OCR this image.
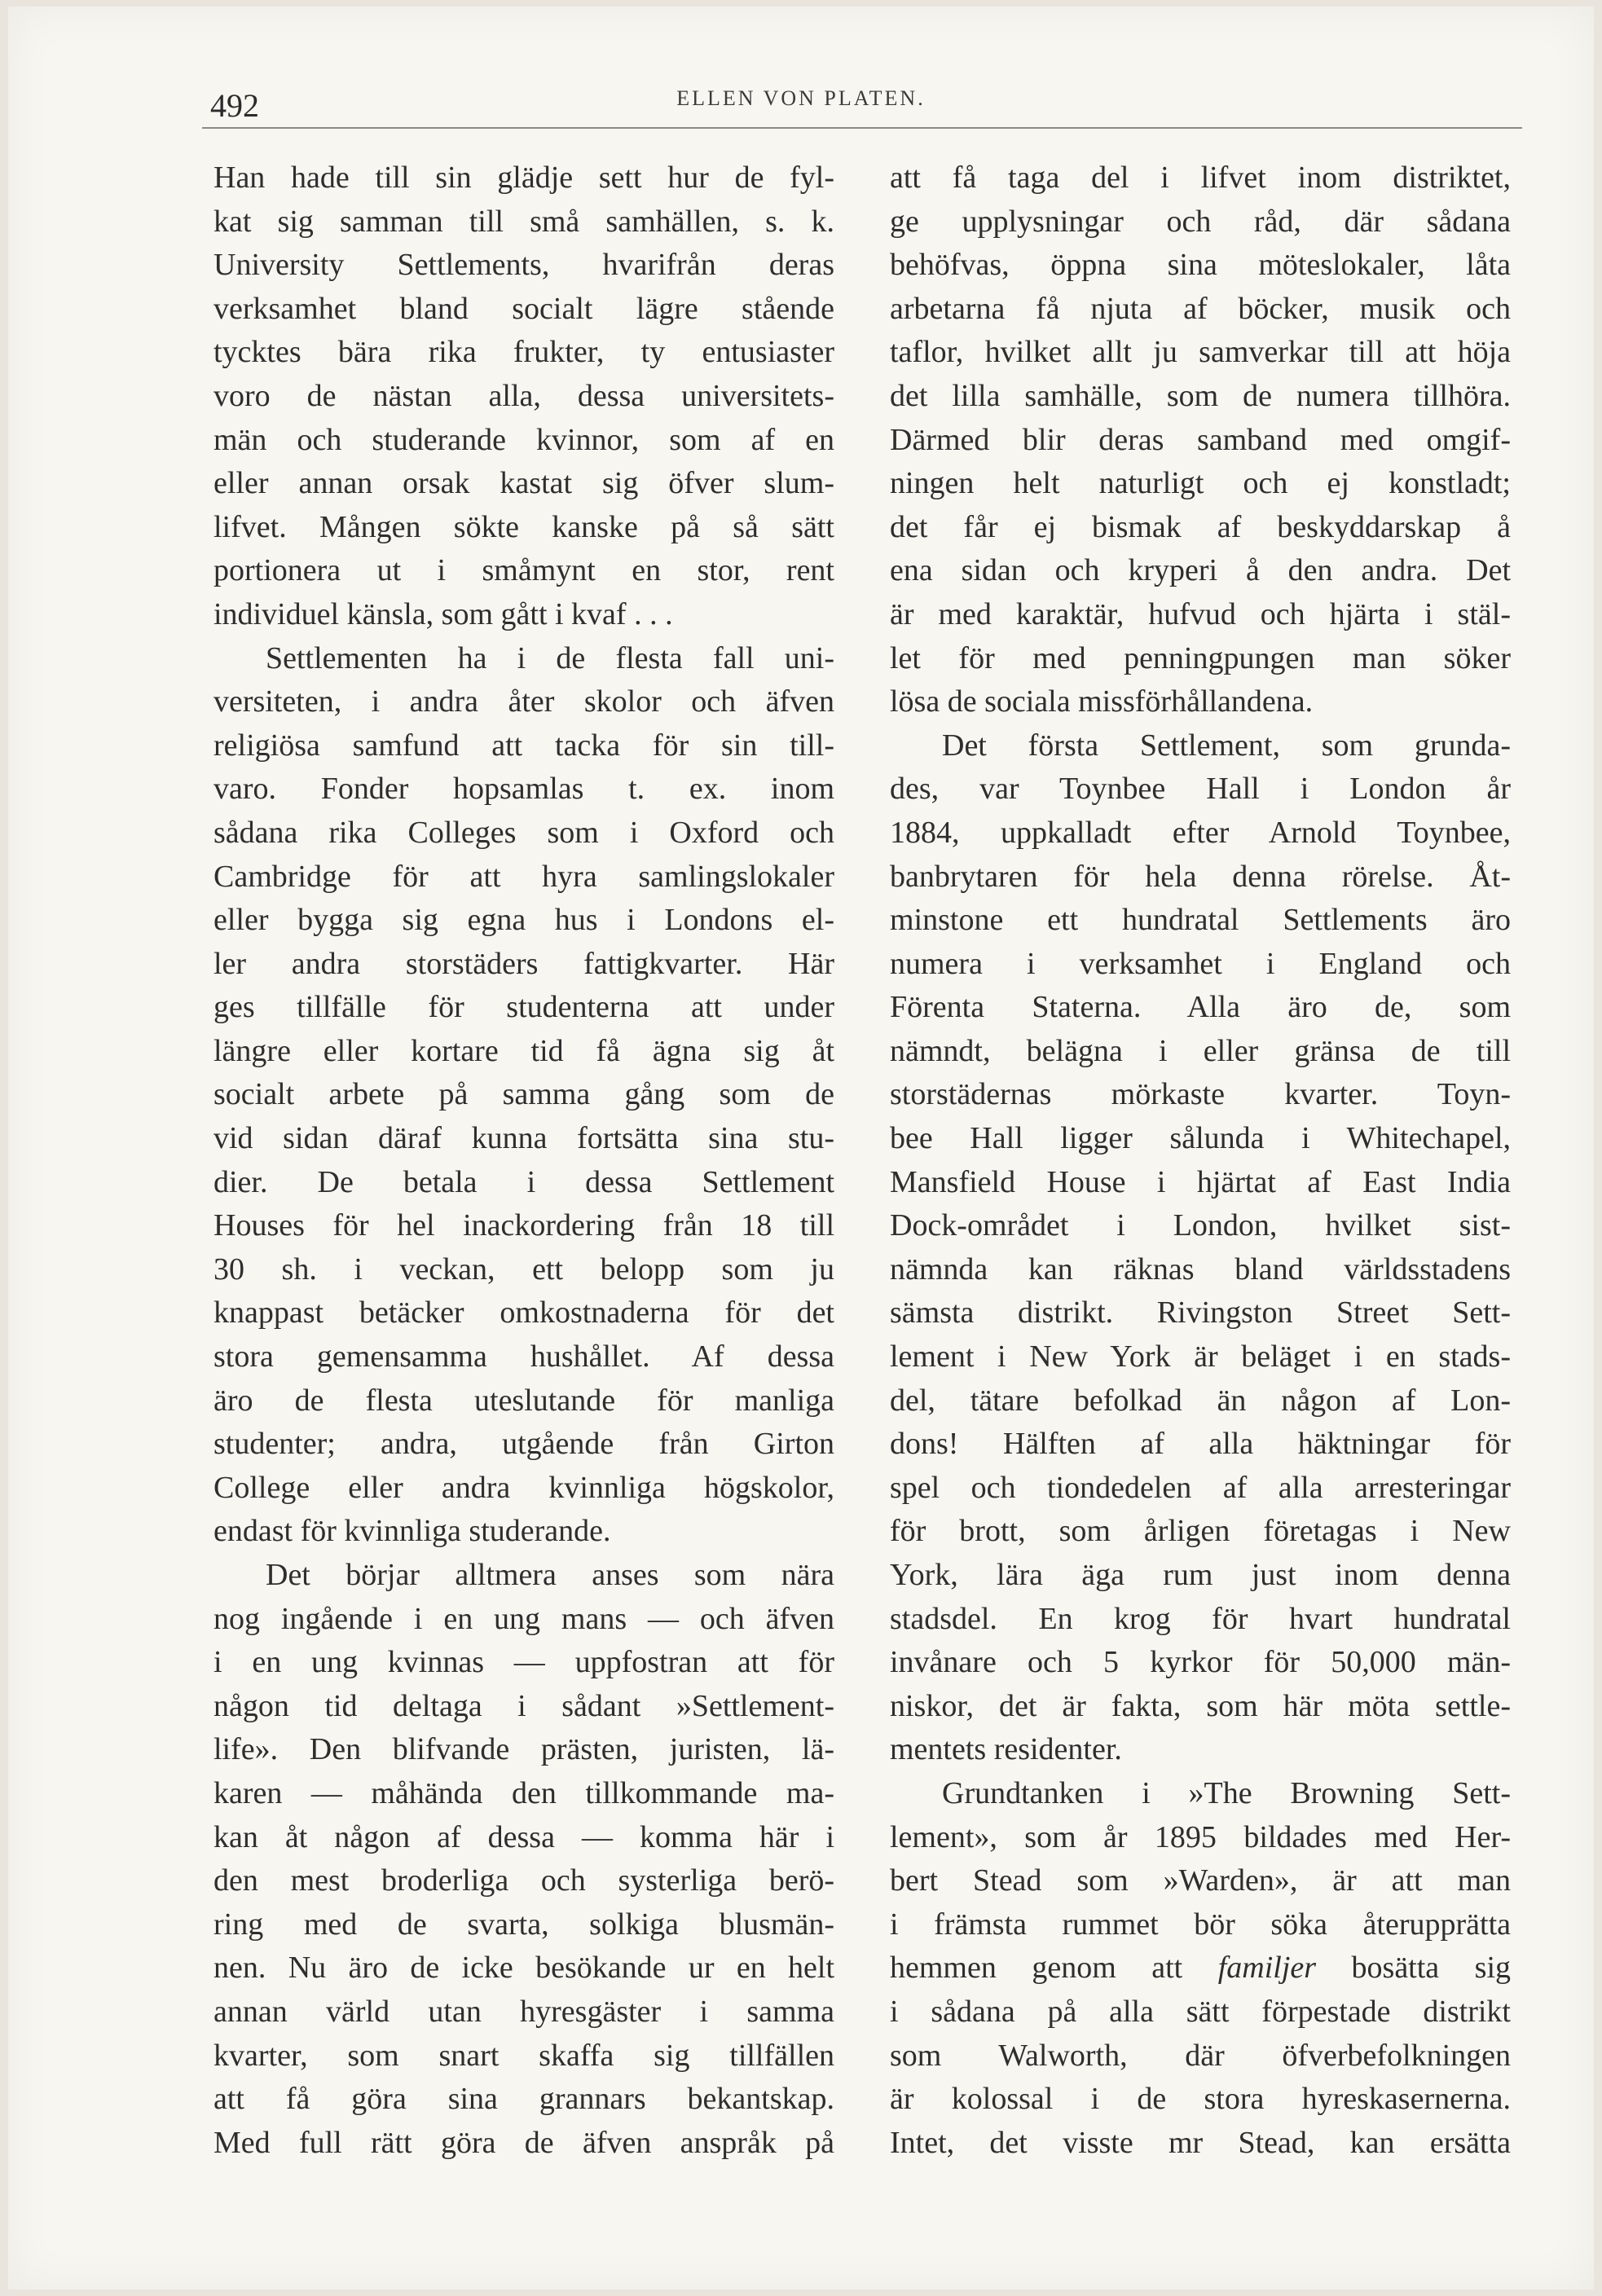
492	ELLEN VON PLATEN.
Han hade till sin glädje sett hur de fyl-
kat sig samman till små samhällen, s. k.
University Settlements, hvarifrån deras
verksamhet bland socialt lägre stående
tycktes bära rika frukter, ty entusiaster
voro de nästan alla, dessa universitets-
män och studerande kvinnor, som af en
eller annan orsak kastat sig öfver slum-
lifvet. Mången sökte kanske på så sätt
portionera ut i småmynt en stor, rent
individuel känsla, som gått i kvaf . . .
Settlementen ha i de flesta fall uni-
versiteten, i andra åter skolor och äfven
religiösa samfund att tacka för sin till-
varo. Fonder hopsamlas t. ex. inom
sådana rika Colleges som i Oxford och
Cambridge för att hyra samlingslokaler
eller bygga sig egna hus i Londons el-
ler andra storstäders fattigkvarter. Här
ges tillfälle för studenterna att under
längre eller kortare tid få ägna sig åt
socialt arbete på samma gång som de
vid sidan däraf kunna fortsätta sina stu-
dier. De betala i dessa Settlement
Houses för hel inackordering från 18 till
30 sh. i veckan, ett belopp som ju
knappast betäcker omkostnaderna för det
stora gemensamma hushållet. Af dessa
äro de flesta uteslutande för manliga
studenter; andra, utgående från Girton
College eller andra kvinnliga högskolor,
endast för kvinnliga studerande.
Det börjar alltmera anses som nära
nog ingående i en ung mans — och äfven
i en ung kvinnas — uppfostran att för
någon tid deltaga i sådant »Settlement-
life». Den blifvande prästen, juristen, lä-
karen — måhända den tillkommande ma-
kan åt någon af dessa — komma här i
den mest broderliga och systerliga berö-
ring med de svarta, solkiga blusmän-
nen. Nu äro de icke besökande ur en helt
annan värld utan hyresgäster i samma
kvarter, som snart skaffa sig tillfällen
att få göra sina grannars bekantskap.
Med full rätt göra de äfven anspråk på
att få taga del i lifvet inom distriktet,
ge upplysningar och råd, där sådana
behöfvas, öppna sina möteslokaler, låta
arbetarna få njuta af böcker, musik och
taflor, hvilket allt ju samverkar till att höja
det lilla samhälle, som de numera tillhöra.
Därmed blir deras samband med omgif-
ningen helt naturligt och ej konstladt;
det får ej bismak af beskyddarskap å
ena sidan och kryperi å den andra. Det
är med karaktär, hufvud och hjärta i stäl-
let för med penningpungen man söker
lösa de sociala missförhållandena.
Det första Settlement, som grunda-
des, var Toynbee Hall i London år
1884, uppkalladt efter Arnold Toynbee,
banbrytaren för hela denna rörelse. Åt-
minstone ett hundratal Settlements äro
numera i verksamhet i England och
Förenta Staterna. Alla äro de, som
nämndt, belägna i eller gränsa de till
storstädernas mörkaste kvarter. Toyn-
bee Hall ligger sålunda i Whitechapel,
Mansfield House i hjärtat af East India
Dock-området i London, hvilket sist-
nämnda kan räknas bland världsstadens
sämsta distrikt. Rivingston Street Sett-
lement i New York är beläget i en stads-
del, tätare befolkad än någon af Lon-
dons! Hälften af alla häktningar för
spel och tiondedelen af alla arresteringar
för brott, som årligen företagas i New
York, lära äga rum just inom denna
stadsdel. En krog för hvart hundratal
invånare och 5 kyrkor för 50,000 män-
niskor, det är fakta, som här möta settle-
mentets residenter.
Grundtanken i »The Browning Sett-
lement», som år 1895 bildades med Her-
bert Stead som »Warden», är att man
i främsta rummet bör söka återupprätta
hemmen genom att familjer bosätta sig
i sådana på alla sätt förpestade distrikt
som Walworth, där öfverbefolkningen
är kolossal i de stora hyreskasernerna.
Intet, det visste mr Stead, kan ersätta
